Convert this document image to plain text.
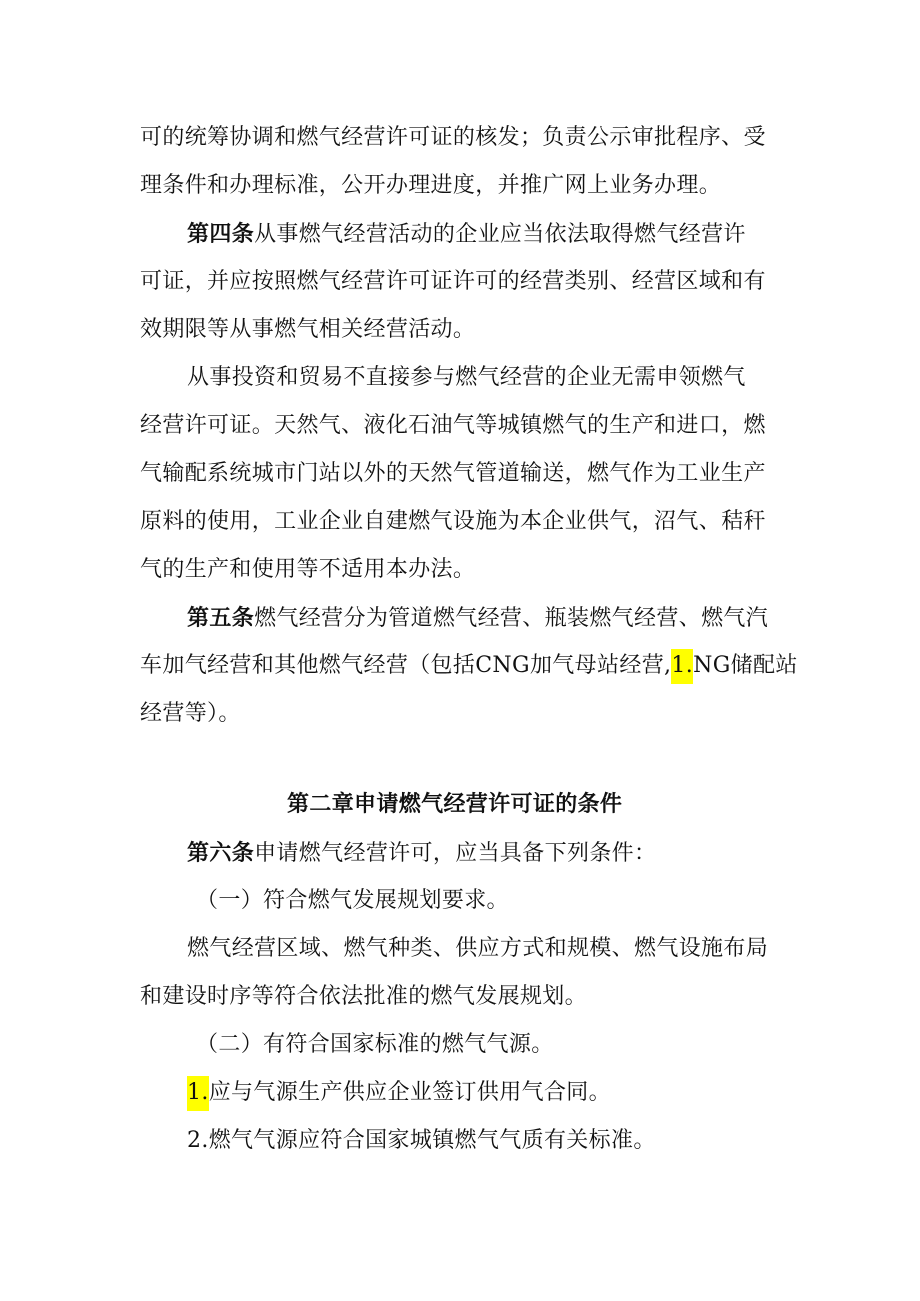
可的统筹协调和燃气经营许可证的核发；负责公示审批程序、受
理条件和办理标准，公开办理进度，并推广网上业务办理。
第四条从事燃气经营活动的企业应当依法取得燃气经营许
可证，并应按照燃气经营许可证许可的经营类别、经营区域和有
效期限等从事燃气相关经营活动。
从事投资和贸易不直接参与燃气经营的企业无需申领燃气
经营许可证。天然气、液化石油气等城镇燃气的生产和进口，燃
气输配系统城市门站以外的天然气管道输送，燃气作为工业生产
原料的使用，工业企业自建燃气设施为本企业供气，沼气、秸秆
气的生产和使用等不适用本办法。
第五条燃气经营分为管道燃气经营、瓶装燃气经营、燃气汽
车加气经营和其他燃气经营（包括CNG加气母站经营,1.NG储配站
经营等）。
第二章申请燃气经营许可证的条件
第六条申请燃气经营许可，应当具备下列条件：
（一）符合燃气发展规划要求。
燃气经营区域、燃气种类、供应方式和规模、燃气设施布局
和建设时序等符合依法批准的燃气发展规划。
（二）有符合国家标准的燃气气源。
1.应与气源生产供应企业签订供用气合同。
2.燃气气源应符合国家城镇燃气气质有关标准。
